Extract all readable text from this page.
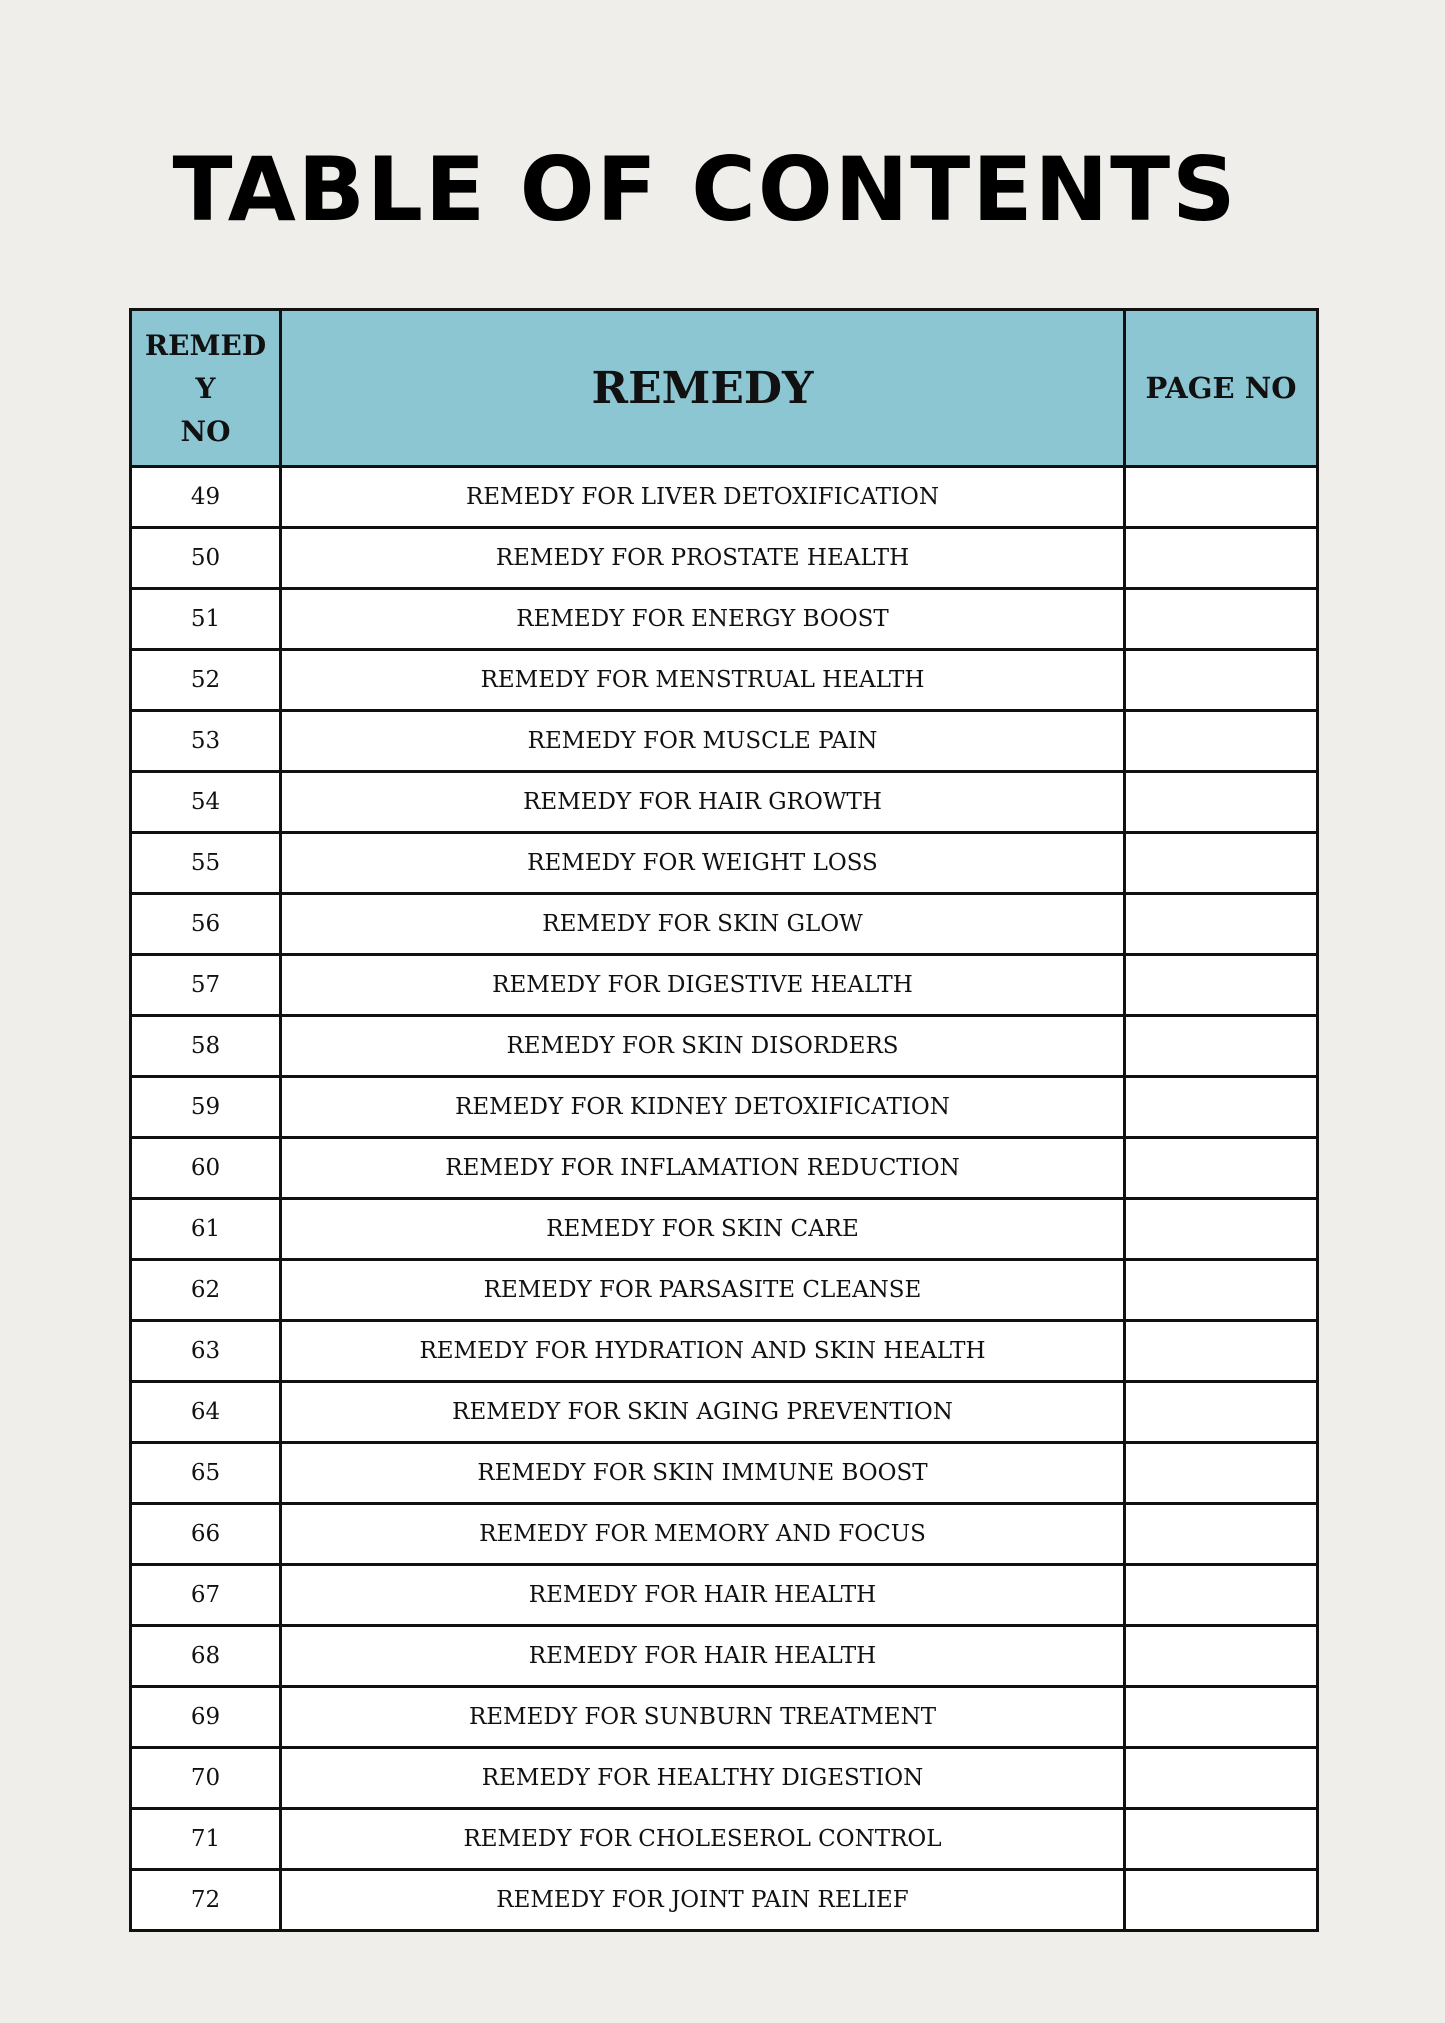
TABLE OF CONTENTS
REMED
Y
NO	REMEDY	PAGE NO
49	REMEDY FOR LIVER DETOXIFICATION	
50	REMEDY FOR PROSTATE HEALTH	
51	REMEDY FOR ENERGY BOOST	
52	REMEDY FOR MENSTRUAL HEALTH	
53	REMEDY FOR MUSCLE PAIN	
54	REMEDY FOR HAIR GROWTH	
55	REMEDY FOR WEIGHT LOSS	
56	REMEDY FOR SKIN GLOW	
57	REMEDY FOR DIGESTIVE HEALTH	
58	REMEDY FOR SKIN DISORDERS	
59	REMEDY FOR KIDNEY DETOXIFICATION	
60	REMEDY FOR INFLAMATION REDUCTION	
61	REMEDY FOR SKIN CARE	
62	REMEDY FOR PARSASITE CLEANSE	
63	REMEDY FOR HYDRATION AND SKIN HEALTH	
64	REMEDY FOR SKIN AGING PREVENTION	
65	REMEDY FOR SKIN IMMUNE BOOST	
66	REMEDY FOR MEMORY AND FOCUS	
67	REMEDY FOR HAIR HEALTH	
68	REMEDY FOR HAIR HEALTH	
69	REMEDY FOR SUNBURN TREATMENT	
70	REMEDY FOR HEALTHY DIGESTION	
71	REMEDY FOR CHOLESEROL CONTROL	
72	REMEDY FOR JOINT PAIN RELIEF	
